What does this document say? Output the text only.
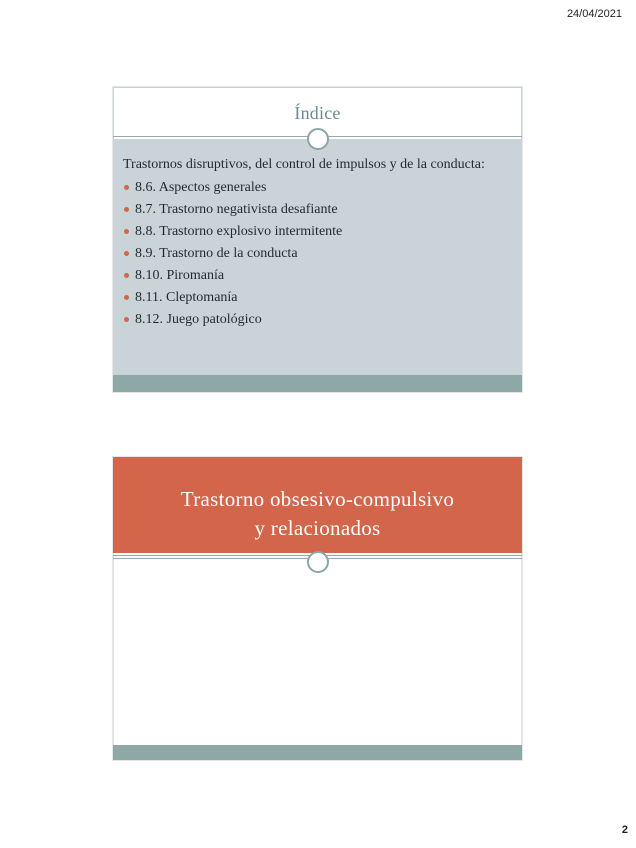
24/04/2021
Índice
Trastornos disruptivos, del control de impulsos y de la conducta:
8.6. Aspectos generales
8.7. Trastorno negativista desafiante
8.8. Trastorno explosivo intermitente
8.9. Trastorno de la conducta
8.10. Piromanía
8.11. Cleptomanía
8.12. Juego patológico
Trastorno obsesivo-compulsivo
y relacionados
2
